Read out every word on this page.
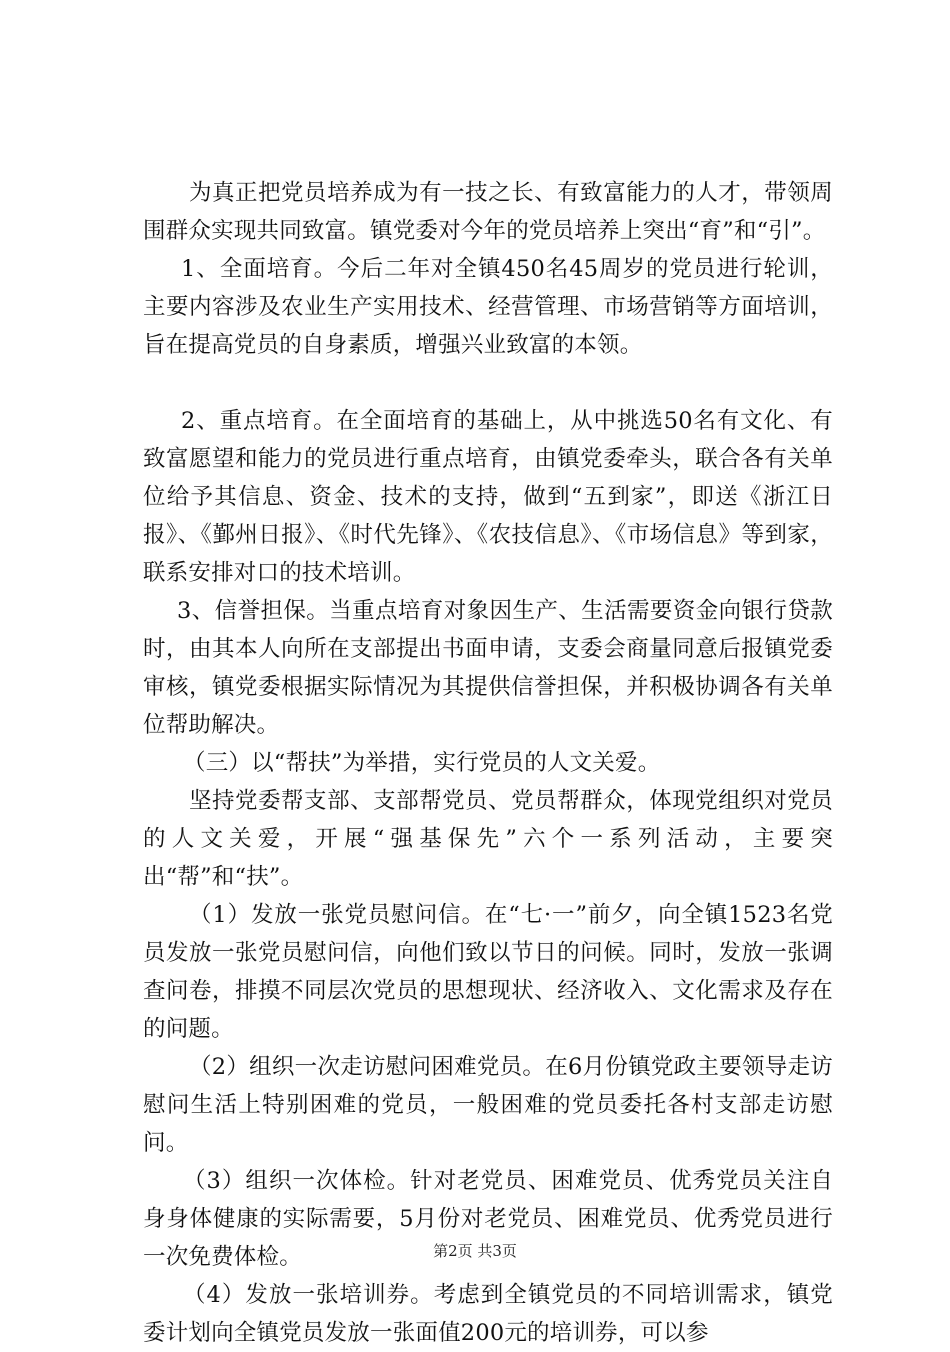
为真正把党员培养成为有一技之长、有致富能力的人才，带领周围群众实现共同致富。镇党委对今年的党员培养上突出“育”和“引”。

1、全面培育。今后二年对全镇450名45周岁的党员进行轮训，主要内容涉及农业生产实用技术、经营管理、市场营销等方面培训，旨在提高党员的自身素质，增强兴业致富的本领。

2、重点培育。在全面培育的基础上，从中挑选50名有文化、有致富愿望和能力的党员进行重点培育，由镇党委牵头，联合各有关单位给予其信息、资金、技术的支持，做到“五到家”，即送《浙江日报》、《鄞州日报》、《时代先锋》、《农技信息》、《市场信息》等到家，联系安排对口的技术培训。

3、信誉担保。当重点培育对象因生产、生活需要资金向银行贷款时，由其本人向所在支部提出书面申请，支委会商量同意后报镇党委审核，镇党委根据实际情况为其提供信誉担保，并积极协调各有关单位帮助解决。

（三）以“帮扶”为举措，实行党员的人文关爱。

坚持党委帮支部、支部帮党员、党员帮群众，体现党组织对党员的人文关爱，开展“强基保先”六个一系列活动，主要突出“帮”和“扶”。

（1）发放一张党员慰问信。在“七·一”前夕，向全镇1523名党员发放一张党员慰问信，向他们致以节日的问候。同时，发放一张调查问卷，排摸不同层次党员的思想现状、经济收入、文化需求及存在的问题。

（2）组织一次走访慰问困难党员。在6月份镇党政主要领导走访慰问生活上特别困难的党员，一般困难的党员委托各村支部走访慰问。

（3）组织一次体检。针对老党员、困难党员、优秀党员关注自身身体健康的实际需要，5月份对老党员、困难党员、优秀党员进行一次免费体检。

（4）发放一张培训券。考虑到全镇党员的不同培训需求，镇党委计划向全镇党员发放一张面值200元的培训券，可以参

第2页 共3页
